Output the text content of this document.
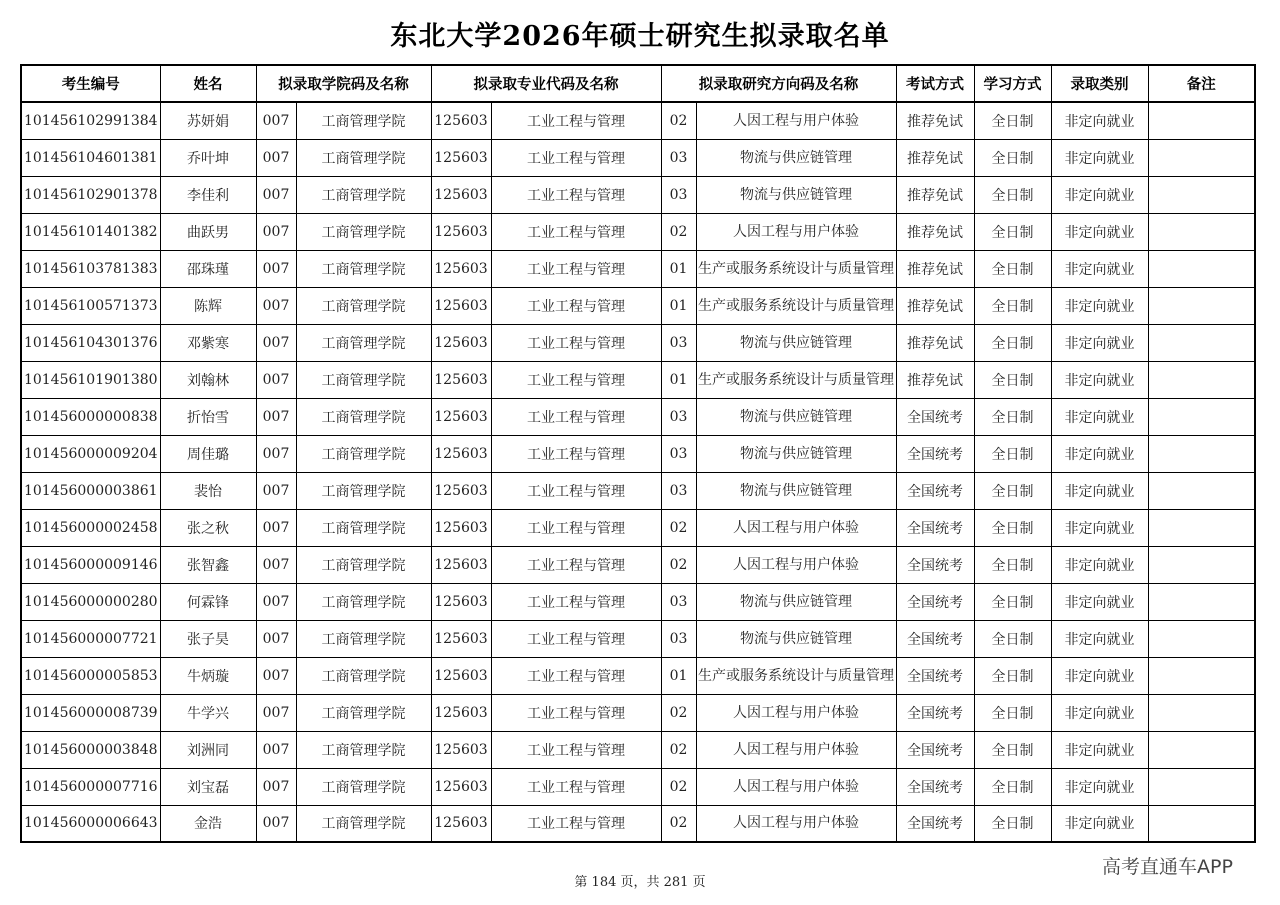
东北大学2026年硕士研究生拟录取名单
考生编号	姓名	拟录取学院码及名称		拟录取专业代码及名称		拟录取研究方向码及名称		考试方式	学习方式	录取类别	备注
101456102991384	苏妍娟	007	工商管理学院	125603	工业工程与管理	02	人因工程与用户体验	推荐免试	全日制	非定向就业	
101456104601381	乔叶坤	007	工商管理学院	125603	工业工程与管理	03	物流与供应链管理	推荐免试	全日制	非定向就业	
101456102901378	李佳利	007	工商管理学院	125603	工业工程与管理	03	物流与供应链管理	推荐免试	全日制	非定向就业	
101456101401382	曲跃男	007	工商管理学院	125603	工业工程与管理	02	人因工程与用户体验	推荐免试	全日制	非定向就业	
101456103781383	邵珠瑾	007	工商管理学院	125603	工业工程与管理	01	生产或服务系统设计与质量管理	推荐免试	全日制	非定向就业	
101456100571373	陈辉	007	工商管理学院	125603	工业工程与管理	01	生产或服务系统设计与质量管理	推荐免试	全日制	非定向就业	
101456104301376	邓紫寒	007	工商管理学院	125603	工业工程与管理	03	物流与供应链管理	推荐免试	全日制	非定向就业	
101456101901380	刘翰林	007	工商管理学院	125603	工业工程与管理	01	生产或服务系统设计与质量管理	推荐免试	全日制	非定向就业	
101456000000838	折怡雪	007	工商管理学院	125603	工业工程与管理	03	物流与供应链管理	全国统考	全日制	非定向就业	
101456000009204	周佳璐	007	工商管理学院	125603	工业工程与管理	03	物流与供应链管理	全国统考	全日制	非定向就业	
101456000003861	裴怡	007	工商管理学院	125603	工业工程与管理	03	物流与供应链管理	全国统考	全日制	非定向就业	
101456000002458	张之秋	007	工商管理学院	125603	工业工程与管理	02	人因工程与用户体验	全国统考	全日制	非定向就业	
101456000009146	张智鑫	007	工商管理学院	125603	工业工程与管理	02	人因工程与用户体验	全国统考	全日制	非定向就业	
101456000000280	何霖锋	007	工商管理学院	125603	工业工程与管理	03	物流与供应链管理	全国统考	全日制	非定向就业	
101456000007721	张子昊	007	工商管理学院	125603	工业工程与管理	03	物流与供应链管理	全国统考	全日制	非定向就业	
101456000005853	牛炳璇	007	工商管理学院	125603	工业工程与管理	01	生产或服务系统设计与质量管理	全国统考	全日制	非定向就业	
101456000008739	牛学兴	007	工商管理学院	125603	工业工程与管理	02	人因工程与用户体验	全国统考	全日制	非定向就业	
101456000003848	刘洲同	007	工商管理学院	125603	工业工程与管理	02	人因工程与用户体验	全国统考	全日制	非定向就业	
101456000007716	刘宝磊	007	工商管理学院	125603	工业工程与管理	02	人因工程与用户体验	全国统考	全日制	非定向就业	
101456000006643	金浩	007	工商管理学院	125603	工业工程与管理	02	人因工程与用户体验	全国统考	全日制	非定向就业	
第 184 页，共 281 页
高考直通车APP
